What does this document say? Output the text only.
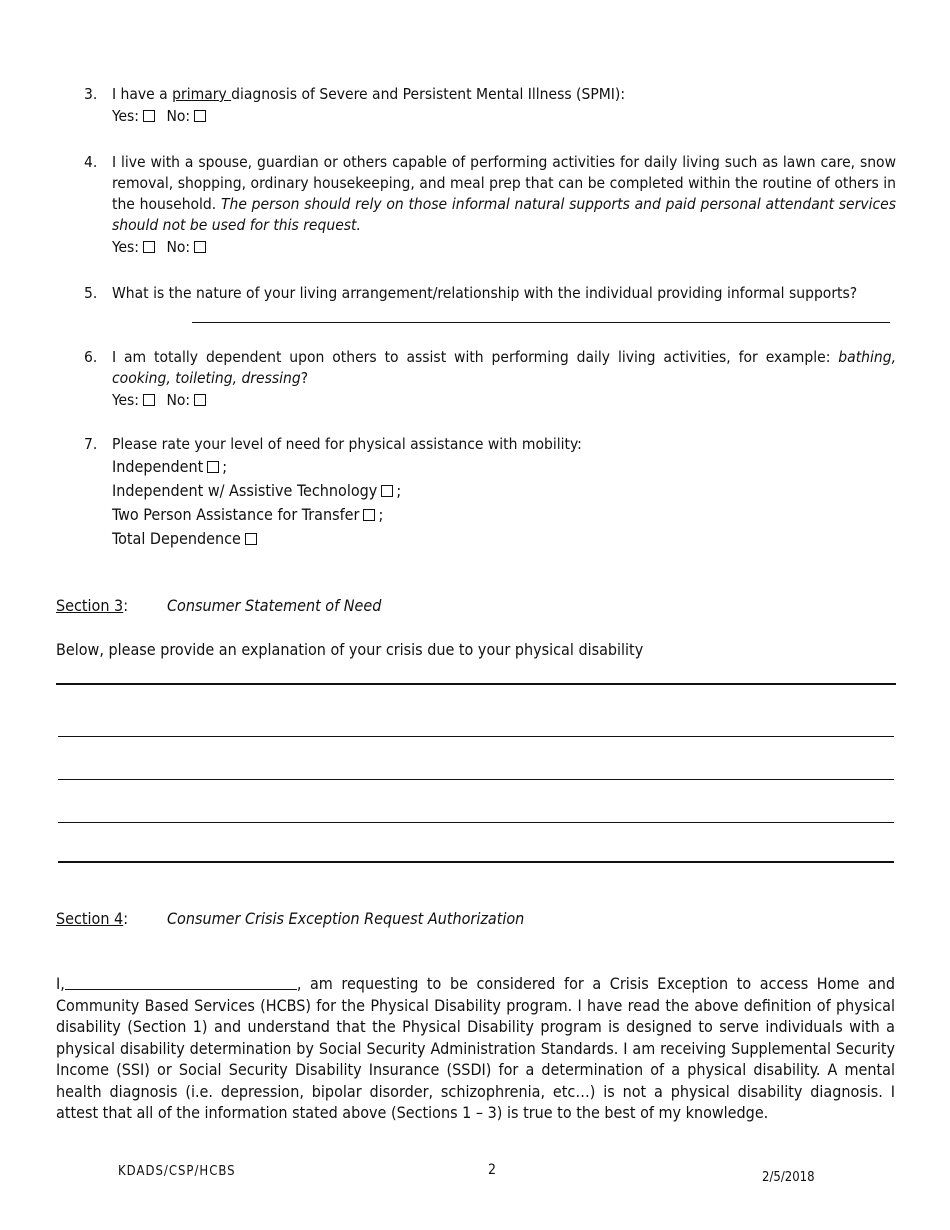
3. I have a primary diagnosis of Severe and Persistent Mental Illness (SPMI):
Yes: No:
4. I live with a spouse, guardian or others capable of performing activities for daily living such as lawn care, snow removal, shopping, ordinary housekeeping, and meal prep that can be completed within the routine of others in the household. The person should rely on those informal natural supports and paid personal attendant services should not be used for this request.
Yes: No:
5. What is the nature of your living arrangement/relationship with the individual providing informal supports?
6. I am totally dependent upon others to assist with performing daily living activities, for example: bathing, cooking, toileting, dressing?
Yes: No:
7. Please rate your level of need for physical assistance with mobility:
Independent ;
Independent w/ Assistive Technology ;
Two Person Assistance for Transfer ;
Total Dependence
Section 3: Consumer Statement of Need
Below, please provide an explanation of your crisis due to your physical disability
Section 4: Consumer Crisis Exception Request Authorization
I,	, am requesting to be considered for a Crisis Exception to access Home and Community Based Services (HCBS) for the Physical Disability program. I have read the above definition of physical disability (Section 1) and understand that the Physical Disability program is designed to serve individuals with a physical disability determination by Social Security Administration Standards. I am receiving Supplemental Security Income (SSI) or Social Security Disability Insurance (SSDI) for a determination of a physical disability. A mental health diagnosis (i.e. depression, bipolar disorder, schizophrenia, etc…) is not a physical disability diagnosis. I attest that all of the information stated above (Sections 1 – 3) is true to the best of my knowledge.
KDADS/CSP/HCBS	2	2/5/2018
